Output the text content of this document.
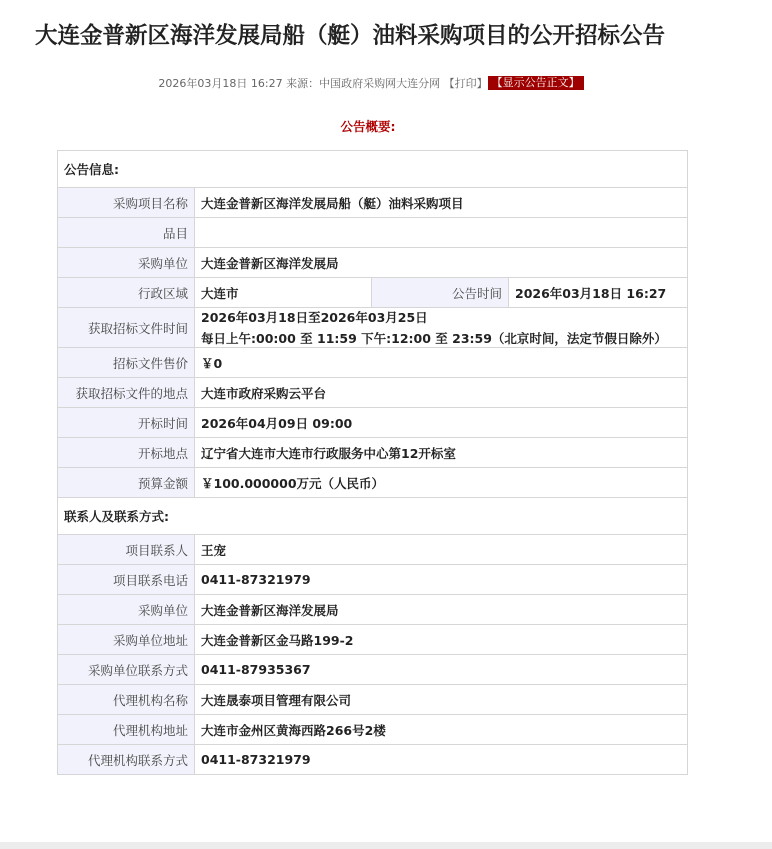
大连金普新区海洋发展局船（艇）油料采购项目的公开招标公告
2026年03月18日 16:27 来源：中国政府采购网大连分网 【打印】 【显示公告正文】
公告概要:
公告信息:			
采购项目名称	大连金普新区海洋发展局船（艇）油料采购项目		
品目			
采购单位	大连金普新区海洋发展局		
行政区域	大连市	公告时间	2026年03月18日 16:27
获取招标文件时间	2026年03月18日至2026年03月25日
每日上午:00:00 至 11:59 下午:12:00 至 23:59（北京时间，法定节假日除外）		

招标文件售价	￥0		
获取招标文件的地点	大连市政府采购云平台		
开标时间	2026年04月09日 09:00		
开标地点	辽宁省大连市大连市行政服务中心第12开标室		
预算金额	￥100.000000万元（人民币）		
联系人及联系方式:			
项目联系人	王宠		
项目联系电话	0411-87321979		
采购单位	大连金普新区海洋发展局		
采购单位地址	大连金普新区金马路199-2		
采购单位联系方式	0411-87935367		
代理机构名称	大连晟泰项目管理有限公司		
代理机构地址	大连市金州区黄海西路266号2楼		
代理机构联系方式	0411-87321979		
